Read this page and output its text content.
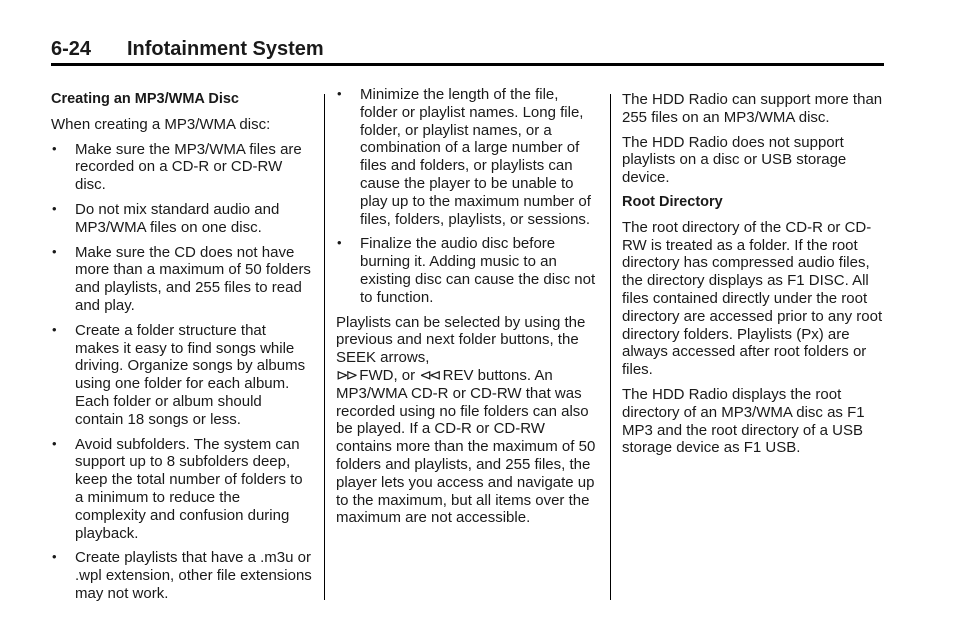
6-24 Infotainment System
Creating an MP3/WMA Disc

When creating a MP3/WMA disc:

• Make sure the MP3/WMA files are recorded on a CD-R or CD-RW disc.
• Do not mix standard audio and MP3/WMA files on one disc.
• Make sure the CD does not have more than a maximum of 50 folders and playlists, and 255 files to read and play.
• Create a folder structure that makes it easy to find songs while driving. Organize songs by albums using one folder for each album. Each folder or album should contain 18 songs or less.
• Avoid subfolders. The system can support up to 8 subfolders deep, keep the total number of folders to a minimum to reduce the complexity and confusion during playback.
• Create playlists that have a .m3u or .wpl extension, other file extensions may not work.
• Minimize the length of the file, folder or playlist names. Long file, folder, or playlist names, or a combination of a large number of files and folders, or playlists can cause the player to be unable to play up to the maximum number of files, folders, playlists, or sessions.
• Finalize the audio disc before burning it. Adding music to an existing disc can cause the disc not to function.

Playlists can be selected by using the previous and next folder buttons, the SEEK arrows,
⊳⊳ FWD, or ⊲⊲ REV buttons. An MP3/WMA CD-R or CD-RW that was recorded using no file folders can also be played. If a CD-R or CD-RW contains more than the maximum of 50 folders and playlists, and 255 files, the player lets you access and navigate up to the maximum, but all items over the maximum are not accessible.

The HDD Radio can support more than 255 files on an MP3/WMA disc.

The HDD Radio does not support playlists on a disc or USB storage device.

Root Directory

The root directory of the CD-R or CD-RW is treated as a folder. If the root directory has compressed audio files, the directory displays as F1 DISC. All files contained directly under the root directory are accessed prior to any root directory folders. Playlists (Px) are always accessed after root folders or files.

The HDD Radio displays the root directory of an MP3/WMA disc as F1 MP3 and the root directory of a USB storage device as F1 USB.
